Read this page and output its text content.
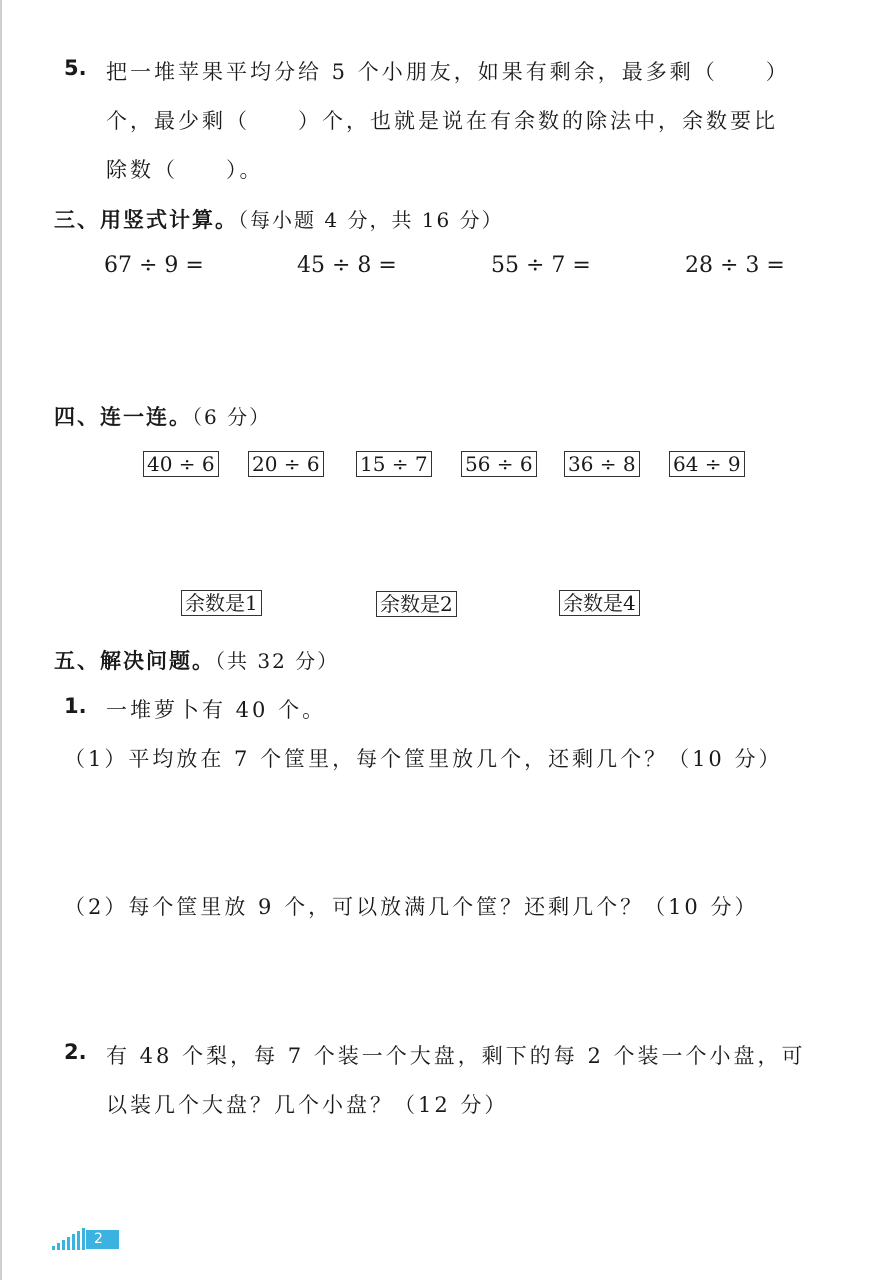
5. 把一堆苹果平均分给 5 个小朋友，如果有剩余，最多剩（　　）
个，最少剩（　　）个，也就是说在有余数的除法中，余数要比
除数（　　）。
三、用竖式计算。（每小题 4 分，共 16 分）
67 ÷ 9 =	45 ÷ 8 =	55 ÷ 7 =	28 ÷ 3 =
四、连一连。（6 分）
40 ÷ 6 20 ÷ 6 15 ÷ 7 56 ÷ 6 36 ÷ 8 64 ÷ 9
余数是1	余数是2	余数是4
五、解决问题。（共 32 分）
1. 一堆萝卜有 40 个。
（1）平均放在 7 个筐里，每个筐里放几个，还剩几个？（10 分）
（2）每个筐里放 9 个，可以放满几个筐？还剩几个？（10 分）
2. 有 48 个梨，每 7 个装一个大盘，剩下的每 2 个装一个小盘，可
以装几个大盘？几个小盘？（12 分）
2
